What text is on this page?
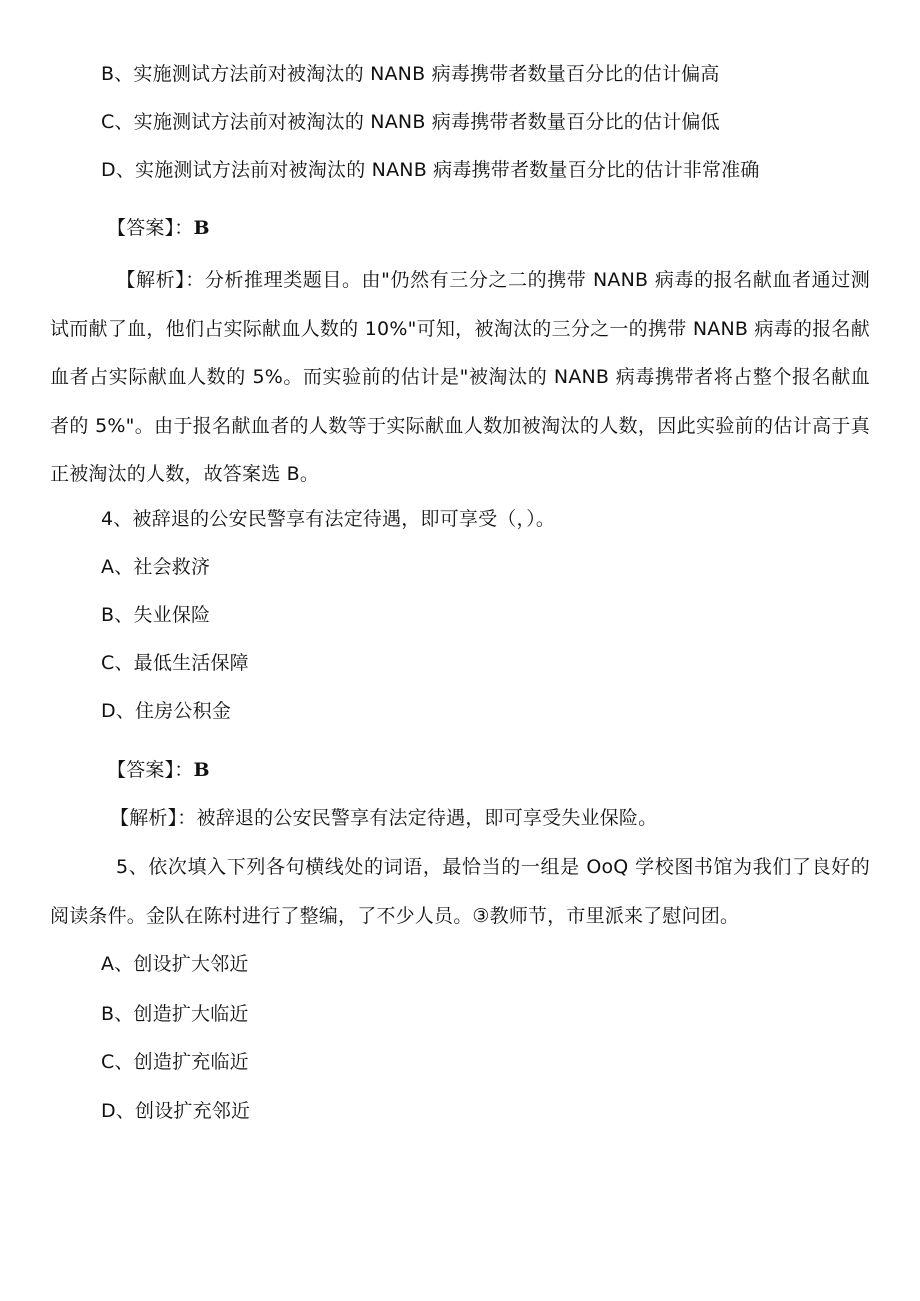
B、实施测试方法前对被淘汰的 NANB 病毒携带者数量百分比的估计偏高
C、实施测试方法前对被淘汰的 NANB 病毒携带者数量百分比的估计偏低
D、实施测试方法前对被淘汰的 NANB 病毒携带者数量百分比的估计非常准确
【答案】：B
【解析】：分析推理类题目。由"仍然有三分之二的携带 NANB 病毒的报名献血者通过测试而献了血，他们占实际献血人数的 10%"可知，被淘汰的三分之一的携带 NANB 病毒的报名献血者占实际献血人数的 5%。而实验前的估计是"被淘汰的 NANB 病毒携带者将占整个报名献血者的 5%"。由于报名献血者的人数等于实际献血人数加被淘汰的人数，因此实验前的估计高于真正被淘汰的人数，故答案选 B。
4、被辞退的公安民警享有法定待遇，即可享受（，）。
A、社会救济
B、失业保险
C、最低生活保障
D、住房公积金
【答案】：B
【解析】：被辞退的公安民警享有法定待遇，即可享受失业保险。
5、依次填入下列各句横线处的词语，最恰当的一组是 OoQ 学校图书馆为我们了良好的阅读条件。金队在陈村进行了整编，了不少人员。③教师节，市里派来了慰问团。
A、创设扩大邻近
B、创造扩大临近
C、创造扩充临近
D、创设扩充邻近
